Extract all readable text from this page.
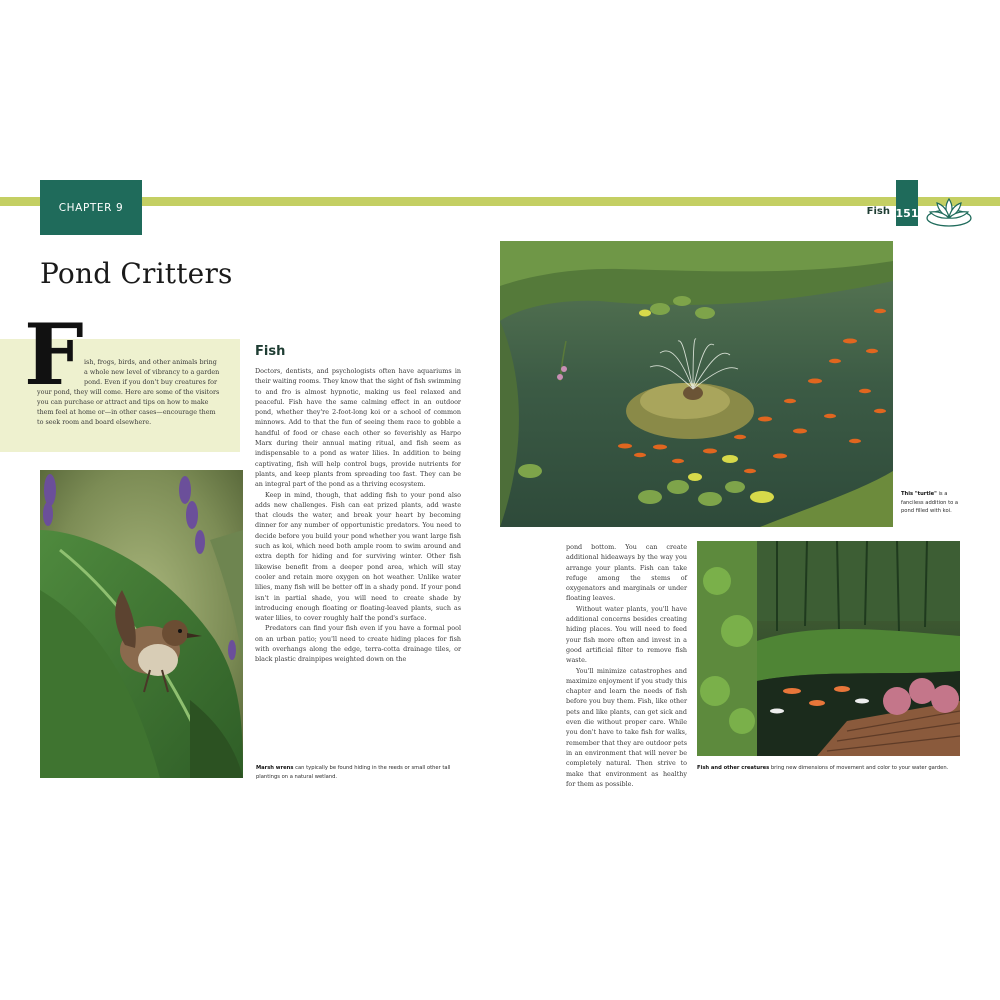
CHAPTER 9	Fish 151
Pond Critters
F ish, frogs, birds, and other animals bring
a whole new level of vibrancy to a garden
pond. Even if you don't buy creatures for
your pond, they will come. Here are some of the visitors
you can purchase or attract and tips on how to make
them feel at home or—in other cases—encourage them
to seek room and board elsewhere.
Marsh wrens can typically be found hiding in the reeds or small other tall plantings on a natural wetland.
Fish

Doctors, dentists, and psychologists often have aquariums in their waiting rooms. They know that the sight of fish swimming to and fro is almost hypnotic, making us feel relaxed and peaceful. Fish have the same calming effect in an outdoor pond, whether they're 2-foot-long koi or a school of common minnows. Add to that the fun of seeing them race to gobble a handful of food or chase each other so feverishly as Harpo Marx during their annual mating ritual, and fish seem as indispensable to a pond as water lilies. In addition to being captivating, fish will help control bugs, provide nutrients for plants, and keep plants from spreading too fast. They can be an integral part of the pond as a thriving ecosystem.

Keep in mind, though, that adding fish to your pond also adds new challenges. Fish can eat prized plants, add waste that clouds the water, and break your heart by becoming dinner for any number of opportunistic predators. You need to decide before you build your pond whether you want large fish such as koi, which need both ample room to swim around and extra depth for hiding and for surviving winter. Other fish likewise benefit from a deeper pond area, which will stay cooler and retain more oxygen on hot weather. Unlike water lilies, many fish will be better off in a shady pond. If your pond isn't in partial shade, you will need to create shade by introducing enough floating or floating-leaved plants, such as water lilies, to cover roughly half the pond's surface.

Predators can find your fish even if you have a formal pool on an urban patio; you'll need to create hiding places for fish with overhangs along the edge, terra-cotta drainage tiles, or black plastic drainpipes weighted down on the

This "turtle" is a fanciless addition to a pond filled with koi.

pond bottom. You can create additional hideaways by the way you arrange your plants. Fish can take refuge among the stems of oxygenators and marginals or under floating leaves.

Without water plants, you'll have additional concerns besides creating hiding places. You will need to feed your fish more often and invest in a good artificial filter to remove fish waste.

You'll minimize catastrophes and maximize enjoyment if you study this chapter and learn the needs of fish before you buy them. Fish, like other pets and like plants, can get sick and even die without proper care. While you don't have to take fish for walks, remember that they are outdoor pets in an environment that will never be completely natural. Then strive to make that environment as healthy for them as possible.

Fish and other creatures bring new dimensions of movement and color to your water garden.
